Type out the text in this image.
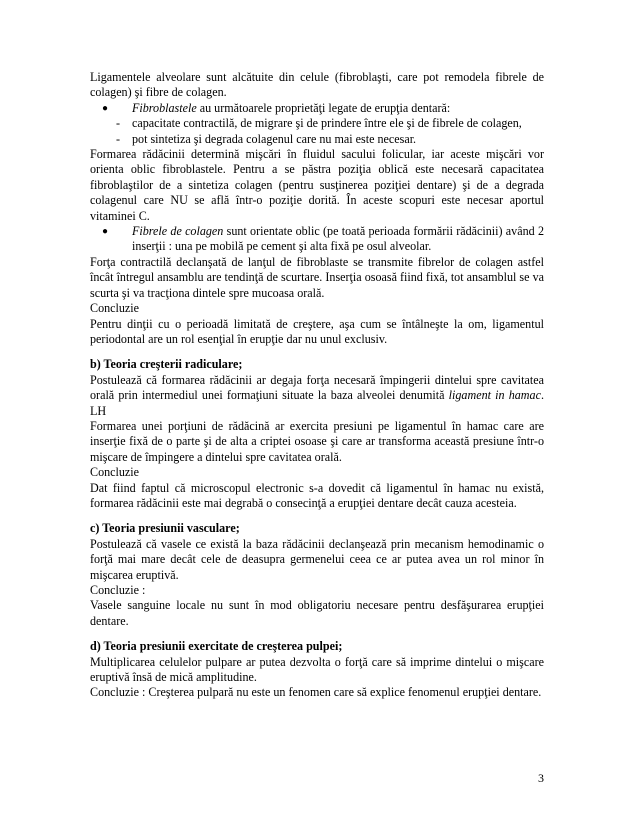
Ligamentele alveolare sunt alcătuite din celule (fibroblaşti, care pot remodela fibrele de colagen) şi fibre de colagen.

● Fibroblastele au următoarele proprietăţi legate de erupţia dentară:
- capacitate contractilă, de migrare şi de prindere între ele şi de fibrele de colagen,
- pot sintetiza şi degrada colagenul care nu mai este necesar.

Formarea rădăcinii determină mişcări în fluidul sacului folicular, iar aceste mişcări vor orienta oblic fibroblastele. Pentru a se păstra poziţia oblică este necesară capacitatea fibroblaştilor de a sintetiza colagen (pentru susţinerea poziţiei dentare) şi de a degrada colagenul care NU se află într-o poziţie dorită. În aceste scopuri este necesar aportul vitaminei C.

● Fibrele de colagen sunt orientate oblic (pe toată perioada formării rădăcinii) având 2 inserţii : una pe mobilă pe cement şi alta fixă pe osul alveolar.

Forţa contractilă declanşată de lanţul de fibroblaste se transmite fibrelor de colagen astfel încât întregul ansamblu are tendinţă de scurtare. Inserţia osoasă fiind fixă, tot ansamblul se va scurta şi va tracţiona dintele spre mucoasa orală.

Concluzie

Pentru dinţii cu o perioadă limitată de creştere, aşa cum se întâlneşte la om, ligamentul periodontal are un rol esenţial în erupţie dar nu unul exclusiv.

b) Teoria creşterii radiculare;

Postulează că formarea rădăcinii ar degaja forţa necesară împingerii dintelui spre cavitatea orală prin intermediul unei formaţiuni situate la baza alveolei denumită ligament in hamac. LH

Formarea unei porţiuni de rădăcină ar exercita presiuni pe ligamentul în hamac care are inserţie fixă de o parte şi de alta a criptei osoase şi care ar transforma această presiune într-o mişcare de împingere a dintelui spre cavitatea orală.

Concluzie

Dat fiind faptul că microscopul electronic s-a dovedit că ligamentul în hamac nu există, formarea rădăcinii este mai degrabă o consecinţă a erupţiei dentare decât cauza acesteia.

c) Teoria presiunii vasculare;

Postulează că vasele ce există la baza rădăcinii declanşează prin mecanism hemodinamic o forţă mai mare decât cele de deasupra germenelui ceea ce ar putea avea un rol minor în mişcarea eruptivă.

Concluzie :

Vasele sanguine locale nu sunt în mod obligatoriu necesare pentru desfăşurarea erupţiei dentare.

d) Teoria presiunii exercitate de creşterea pulpei;

Multiplicarea celulelor pulpare ar putea dezvolta o forţă care să imprime dintelui o mişcare eruptivă însă de mică amplitudine.

Concluzie : Creşterea pulpară nu este un fenomen care să explice fenomenul erupţiei dentare.

3
